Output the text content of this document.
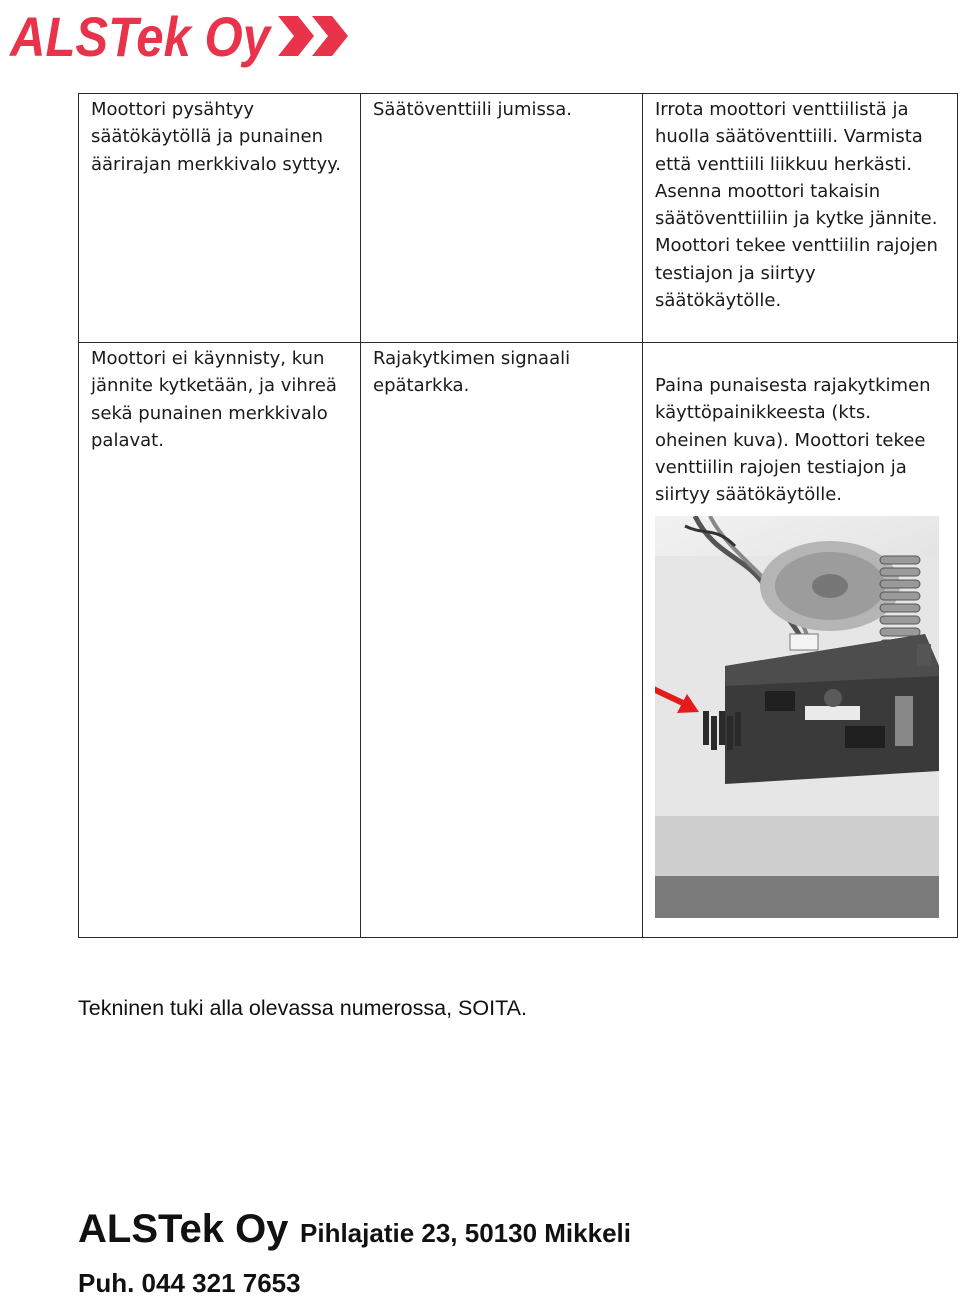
ALSTek Oy
Moottori pysähtyy säätökäytöllä ja punainen äärirajan merkkivalo syttyy.	Säätöventtiili jumissa.	Irrota moottori venttiilistä ja huolla säätöventtiili. Varmista että venttiili liikkuu herkästi. Asenna moottori takaisin säätöventtiiliin ja kytke jännite. Moottori tekee venttiilin rajojen testiajon ja siirtyy säätökäytölle.
Moottori ei käynnisty, kun jännite kytketään, ja vihreä sekä punainen merkkivalo palavat.	Rajakytkimen signaali epätarkka.	Paina punaisesta rajakytkimen käyttöpainikkeesta (kts. oheinen kuva). Moottori tekee venttiilin rajojen testiajon ja siirtyy säätökäytölle.
Tekninen tuki alla olevassa numerossa, SOITA.
ALSTek Oy Pihlajatie 23, 50130 Mikkeli
Puh. 044 321 7653
